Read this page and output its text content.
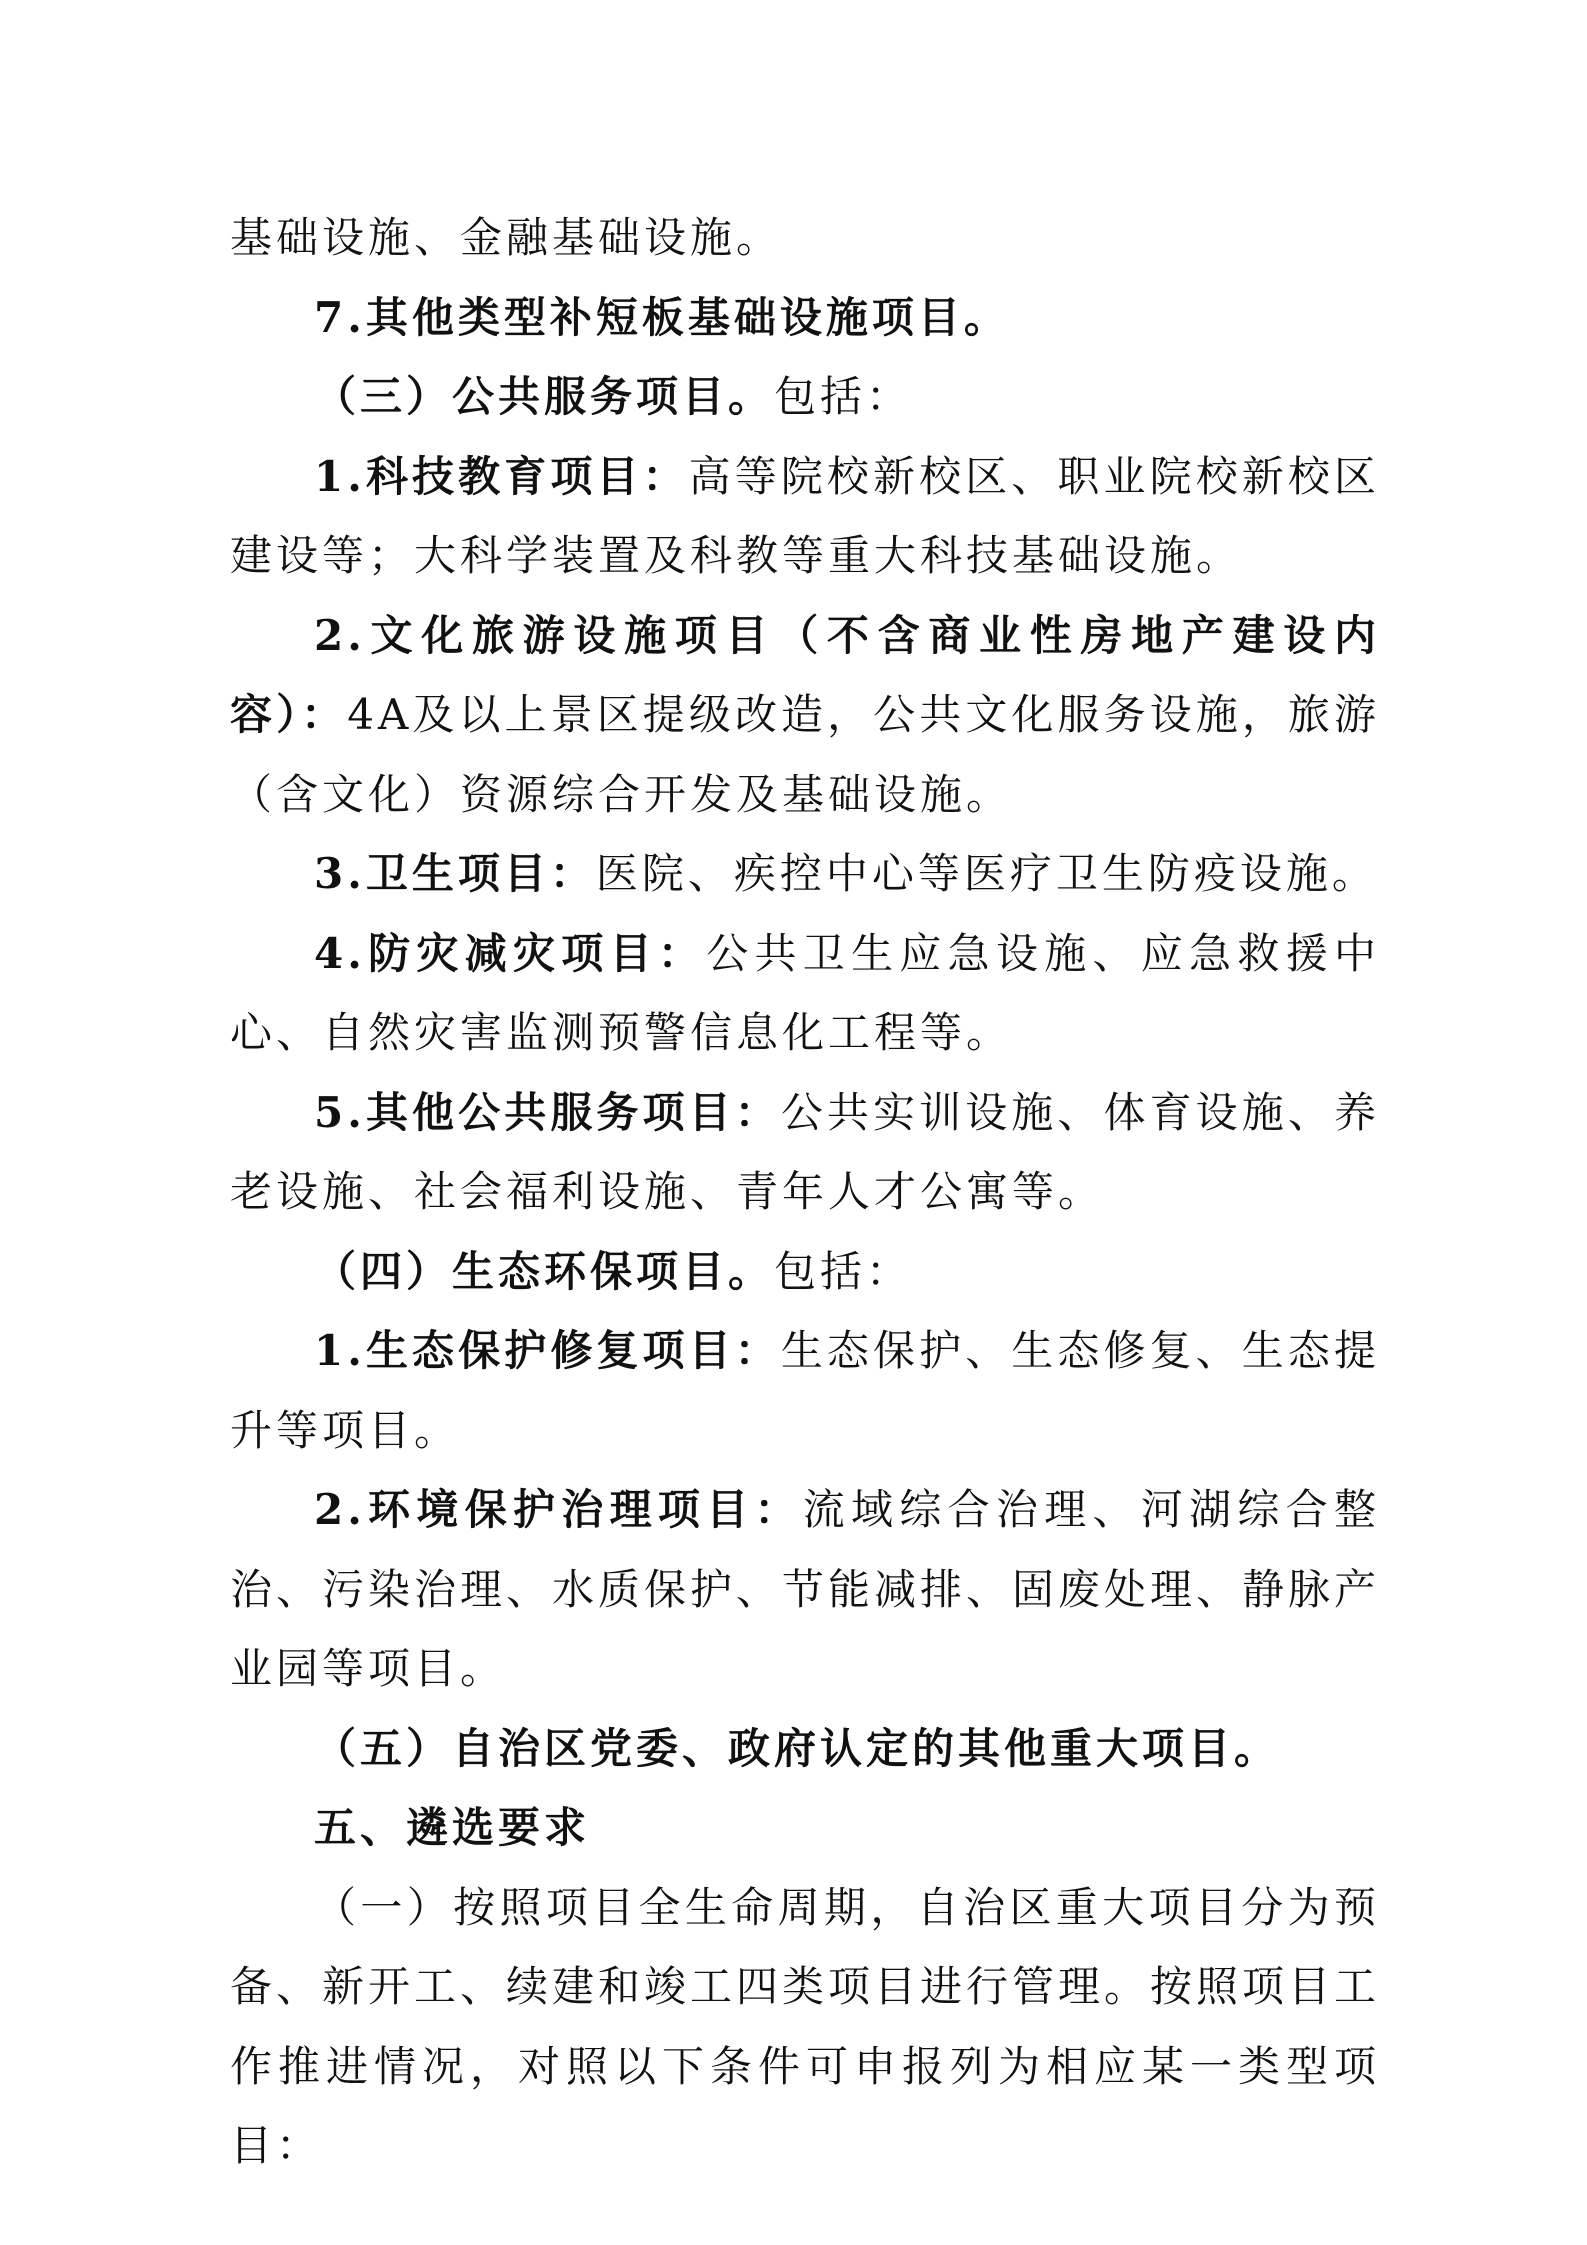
基础设施、金融基础设施。

7.其他类型补短板基础设施项目。

（三）公共服务项目。包括：

1.科技教育项目：高等院校新校区、职业院校新校区建设等；大科学装置及科教等重大科技基础设施。

2.文化旅游设施项目（不含商业性房地产建设内容）：4A及以上景区提级改造，公共文化服务设施，旅游（含文化）资源综合开发及基础设施。

3.卫生项目：医院、疾控中心等医疗卫生防疫设施。

4.防灾减灾项目：公共卫生应急设施、应急救援中心、自然灾害监测预警信息化工程等。

5.其他公共服务项目：公共实训设施、体育设施、养老设施、社会福利设施、青年人才公寓等。

（四）生态环保项目。包括：

1.生态保护修复项目：生态保护、生态修复、生态提升等项目。

2.环境保护治理项目：流域综合治理、河湖综合整治、污染治理、水质保护、节能减排、固废处理、静脉产业园等项目。

（五）自治区党委、政府认定的其他重大项目。

五、遴选要求

（一）按照项目全生命周期，自治区重大项目分为预备、新开工、续建和竣工四类项目进行管理。按照项目工作推进情况，对照以下条件可申报列为相应某一类型项目：
